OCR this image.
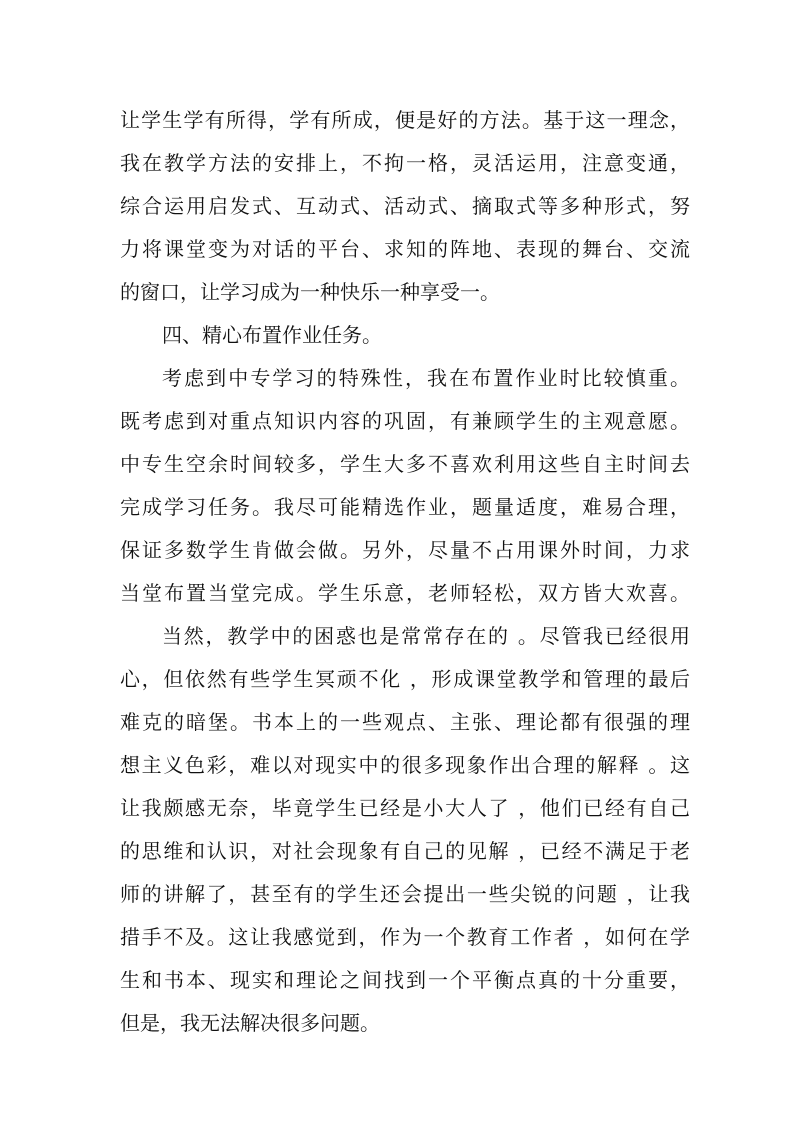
让学生学有所得，学有所成，便是好的方法。基于这一理念，
我在教学方法的安排上，不拘一格，灵活运用，注意变通，
综合运用启发式、互动式、活动式、摘取式等多种形式，努
力将课堂变为对话的平台、求知的阵地、表现的舞台、交流
的窗口，让学习成为一种快乐一种享受一。
四、精心布置作业任务。
考虑到中专学习的特殊性，我在布置作业时比较慎重。
既考虑到对重点知识内容的巩固，有兼顾学生的主观意愿。
中专生空余时间较多，学生大多不喜欢利用这些自主时间去
完成学习任务。我尽可能精选作业，题量适度，难易合理，
保证多数学生肯做会做。另外，尽量不占用课外时间，力求
当堂布置当堂完成。学生乐意，老师轻松，双方皆大欢喜。
当然，教学中的困惑也是常常存在的 。尽管我已经很用
心，但依然有些学生冥顽不化 ，形成课堂教学和管理的最后
难克的暗堡。书本上的一些观点、主张、理论都有很强的理
想主义色彩，难以对现实中的很多现象作出合理的解释 。这
让我颇感无奈，毕竟学生已经是小大人了 ，他们已经有自己
的思维和认识，对社会现象有自己的见解 ，已经不满足于老
师的讲解了，甚至有的学生还会提出一些尖锐的问题 ，让我
措手不及。这让我感觉到，作为一个教育工作者 ，如何在学
生和书本、现实和理论之间找到一个平衡点真的十分重要，
但是，我无法解决很多问题。
